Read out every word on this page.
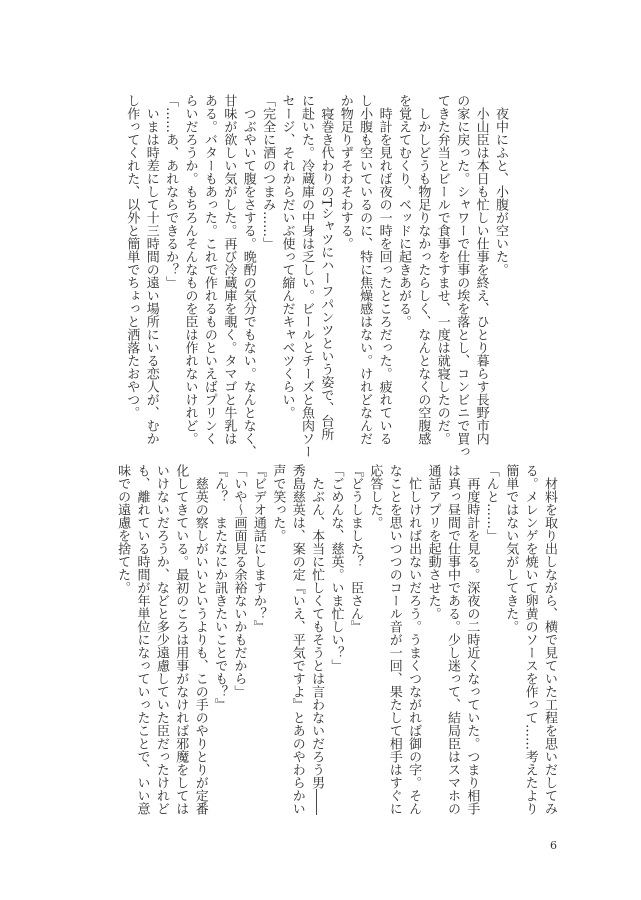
夜中にふと、小腹が空いた。

小山臣は本日も忙しい仕事を終え、ひとり暮らす長野市内

の家に戻った。シャワーで仕事の埃を落とし、コンビニで買っ

てきた弁当とビールで食事をすませ、一度は就寝したのだ。

しかしどうも物足りなかったらしく、なんとなくの空腹感

を覚えてむくり、ベッドに起きあがる。

時計を見れば夜の一時を回ったところだった。疲れている

し小腹も空いているのに、特に焦燥感はない。けれどなんだ

か物足りずそわそわする。

寝巻き代わりのTシャツにハーフパンツという姿で、台所

に赴いた。冷蔵庫の中身は乏しい。ビールとチーズと魚肉ソー

セージ、それからだいぶ使って縮んだキャベツくらい。

「完全に酒のつまみ……」

つぶやいて腹をさする。晩酌の気分でもない。なんとなく、

甘味が欲しい気がした。再び冷蔵庫を覗く。タマゴと牛乳は

ある。バターもあった。これで作れるものといえばプリンく

らいだろうか。もちろんそんなものを臣は作れないけれど。

「……あ、あれならできるか？」

いまは時差にして十三時間の遠い場所にいる恋人が、むか

し作ってくれた、以外と簡単でちょっと洒落たおやつ。

材料を取り出しながら、横で見ていた工程を思いだしてみ

る。メレンゲを焼いて卵黄のソースを作って……考えたより

簡単ではない気がしてきた。

「んと……」

再度時計を見る。深夜の二時近くなっていた。つまり相手

は真っ昼間で仕事中である。少し迷って、結局臣はスマホの

通話アプリを起動させた。

忙しければ出ないだろう。うまくつながれば御の字。そん

なことを思いつつのコール音が一回、果たして相手はすぐに

応答した。

『どうしました？　臣さん』

「ごめんな、慈英。いま忙しい？」

たぶん、本当に忙しくてもそうとは言わないだろう男――

秀島慈英は、案の定『いえ、平気ですよ』とあのやわらかい

声で笑った。

『ビデオ通話にしますか？』

「いや～画面見る余裕ないかもだから」

『ん？　またなにか訊きたいことでも？』

慈英の察しがいいというよりも、この手のやりとりが定番

化してきている。最初のころは用事がなければ邪魔をしては

いけないだろうか、などと多少遠慮していた臣だったけれど

も、離れている時間が年単位になっていったことで、いい意

味での遠慮を捨てた。

6
